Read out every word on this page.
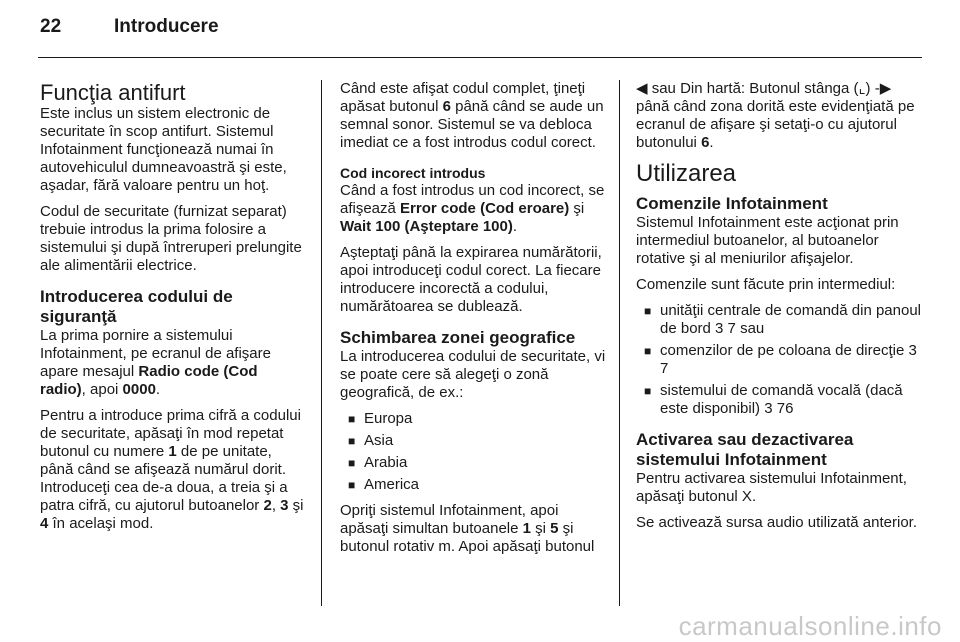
22	Introducere
Funcţia antifurt

Este inclus un sistem electronic de securitate în scop antifurt. Sistemul Infotainment funcţionează numai în autovehiculul dumneavoastră şi este, aşadar, fără valoare pentru un hoţ.

Codul de securitate (furnizat separat) trebuie introdus la prima folosire a sistemului şi după întreruperi prelungite ale alimentării electrice.

Introducerea codului de siguranţă

La prima pornire a sistemului Infotainment, pe ecranul de afişare apare mesajul Radio code (Cod radio), apoi 0000.

Pentru a introduce prima cifră a codului de securitate, apăsaţi în mod repetat butonul cu numere 1 de pe unitate, până când se afişează numărul dorit. Introduceţi cea de-a doua, a treia şi a patra cifră, cu ajutorul butoanelor 2, 3 şi 4 în acelaşi mod.

Când este afişat codul complet, ţineţi apăsat butonul 6 până când se aude un semnal sonor. Sistemul se va debloca imediat ce a fost introdus codul corect.

Cod incorect introdus

Când a fost introdus un cod incorect, se afişează Error code (Cod eroare) şi Wait 100 (Aşteptare 100).

Aşteptaţi până la expirarea numărătorii, apoi introduceţi codul corect. La fiecare introducere incorectă a codului, numărătoarea se dublează.

Schimbarea zonei geografice

La introducerea codului de securitate, vi se poate cere să alegeţi o zonă geografică, de ex.:

■ Europa
■ Asia
■ Arabia
■ America

Opriţi sistemul Infotainment, apoi apăsaţi simultan butoanele 1 şi 5 şi butonul rotativ m. Apoi apăsaţi butonul

◀ sau Din hartă: Butonul stânga (⌞) -▶ până când zona dorită este evidenţiată pe ecranul de afişare şi setaţi-o cu ajutorul butonului 6.

Utilizarea
Comenzile Infotainment

Sistemul Infotainment este acţionat prin intermediul butoanelor, al butoanelor rotative şi al meniurilor afişajelor.

Comenzile sunt făcute prin intermediul:

■ unităţii centrale de comandă din panoul de bord 3 7 sau
■ comenzilor de pe coloana de direcţie 3 7
■ sistemului de comandă vocală (dacă este disponibil) 3 76
Activarea sau dezactivarea sistemului Infotainment

Pentru activarea sistemului Infotainment, apăsaţi butonul X.

Se activează sursa audio utilizată anterior.

carmanualsonline.info
